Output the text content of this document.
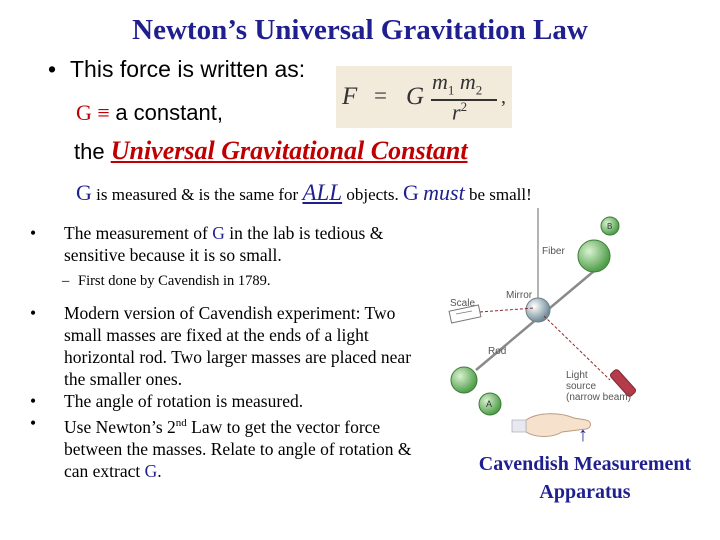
Newton’s Universal Gravitation Law
• This force is written as:
F = G
$m_1$ $m_2$
$r^2$ ,
G ≡ a constant,
the Universal Gravitational Constant
G is measured & is the same for ALL objects. G must be small!
• The measurement of G in the lab is tedious & sensitive because it is so small.
– First done by Cavendish in 1789.
• Modern version of Cavendish experiment: Two small masses are fixed at the ends of a light horizontal rod. Two larger masses are placed near the smaller ones.
• The angle of rotation is measured.
• Use Newton’s 2nd Law to get the vector force between the masses. Relate to angle of rotation & can extract G.
Fiber
Mirror
Scale
Rod
Light
source
(narrow beam)
A
B
↑
Cavendish Measurement
Apparatus
